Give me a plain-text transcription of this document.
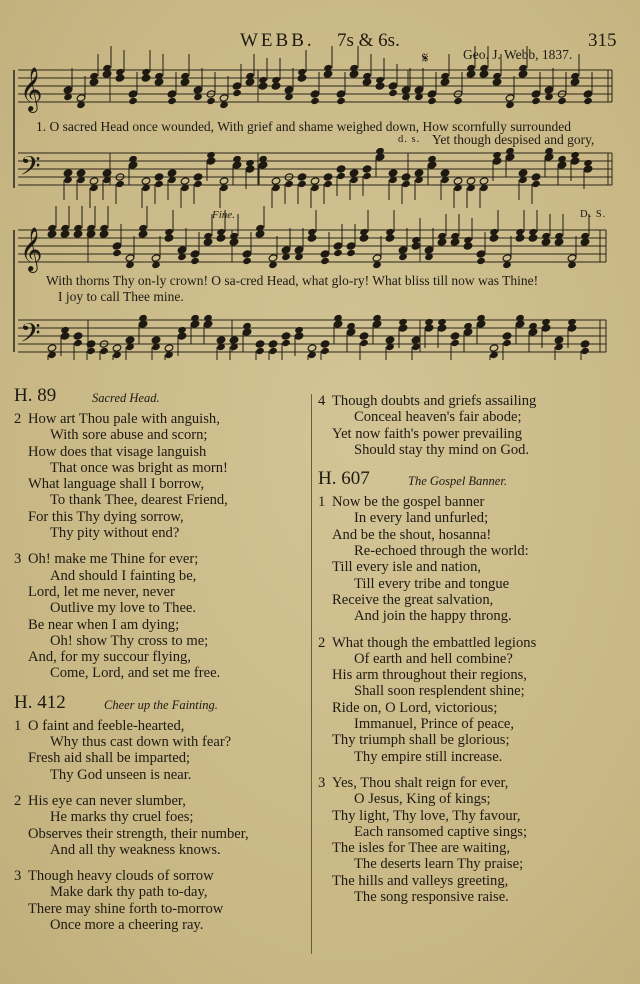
WEBB. 7s & 6s.	315
𝄋	Geo. J. Webb, 1837.
𝄞
𝄢
𝄞
𝄢
1. O sacred Head once wounded, With grief and shame weighed down, How scornfully surrounded
d. s. Yet though despised and gory,
Fine.	D. S.
With thorns Thy on-ly crown! O sa-cred Head, what glo-ry! What bliss till now was Thine!
I joy to call Thee mine.
H. 89	Sacred Head.
2 How art Thou pale with anguish,
With sore abuse and scorn;
How does that visage languish
That once was bright as morn!
What language shall I borrow,
To thank Thee, dearest Friend,
For this Thy dying sorrow,
Thy pity without end?
3 Oh! make me Thine for ever;
And should I fainting be,
Lord, let me never, never
Outlive my love to Thee.
Be near when I am dying;
Oh! show Thy cross to me;
And, for my succour flying,
Come, Lord, and set me free.
H. 412	Cheer up the Fainting.
1 O faint and feeble-hearted,
Why thus cast down with fear?
Fresh aid shall be imparted;
Thy God unseen is near.
2 His eye can never slumber,
He marks thy cruel foes;
Observes their strength, their number,
And all thy weakness knows.
3 Though heavy clouds of sorrow
Make dark thy path to-day,
There may shine forth to-morrow
Once more a cheering ray.
4 Though doubts and griefs assailing
Conceal heaven's fair abode;
Yet now faith's power prevailing
Should stay thy mind on God.
H. 607	The Gospel Banner.
1 Now be the gospel banner
In every land unfurled;
And be the shout, hosanna!
Re-echoed through the world:
Till every isle and nation,
Till every tribe and tongue
Receive the great salvation,
And join the happy throng.
2 What though the embattled legions
Of earth and hell combine?
His arm throughout their regions,
Shall soon resplendent shine;
Ride on, O Lord, victorious;
Immanuel, Prince of peace,
Thy triumph shall be glorious;
Thy empire still increase.
3 Yes, Thou shalt reign for ever,
O Jesus, King of kings;
Thy light, Thy love, Thy favour,
Each ransomed captive sings;
The isles for Thee are waiting,
The deserts learn Thy praise;
The hills and valleys greeting,
The song responsive raise.
